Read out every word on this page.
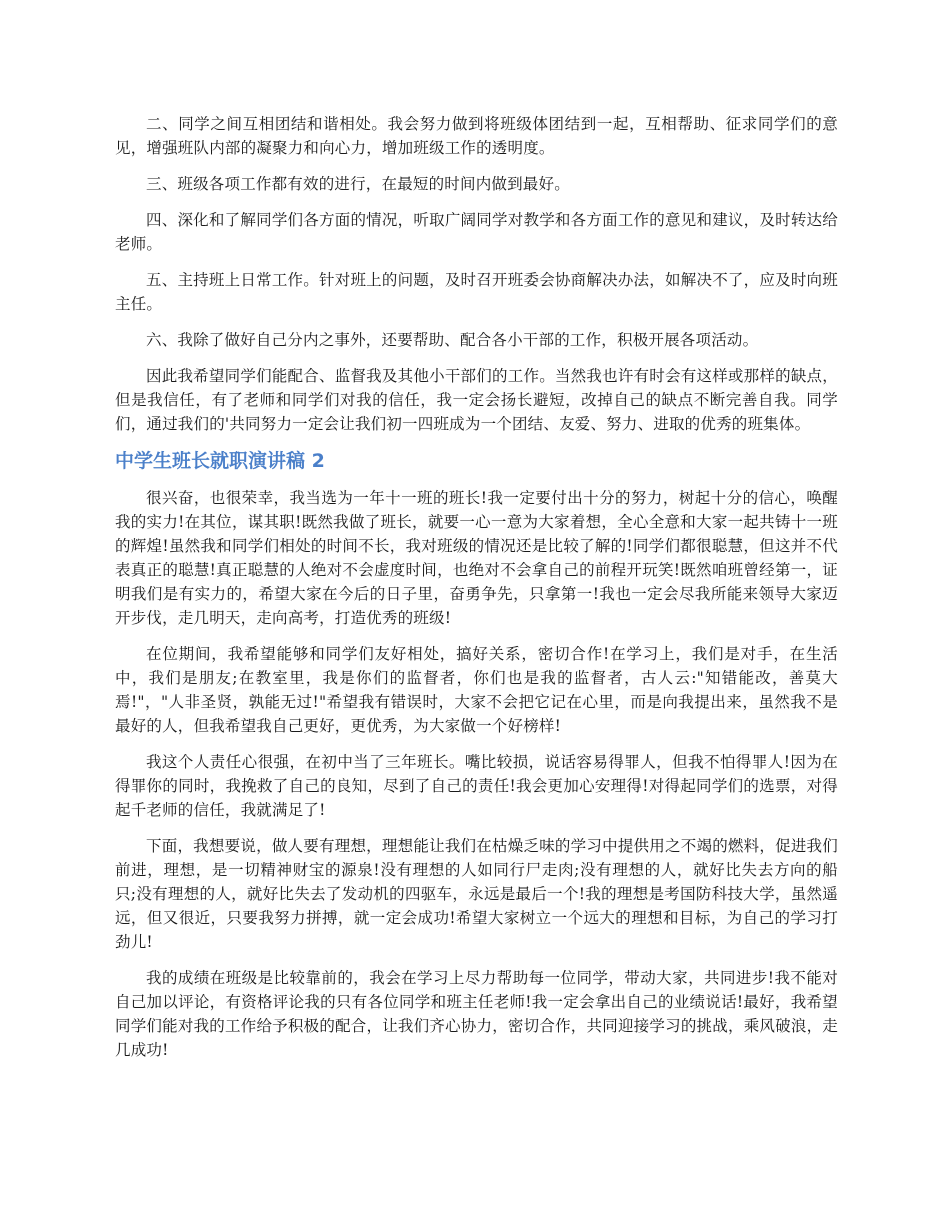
二、同学之间互相团结和谐相处。我会努力做到将班级体团结到一起，互相帮助、征求同学们的意见，增强班队内部的凝聚力和向心力，增加班级工作的透明度。

三、班级各项工作都有效的进行，在最短的时间内做到最好。

四、深化和了解同学们各方面的情况，听取广阔同学对教学和各方面工作的意见和建议，及时转达给老师。

五、主持班上日常工作。针对班上的问题，及时召开班委会协商解决办法，如解决不了，应及时向班主任。

六、我除了做好自己分内之事外，还要帮助、配合各小干部的工作，积极开展各项活动。

因此我希望同学们能配合、监督我及其他小干部们的工作。当然我也许有时会有这样或那样的缺点，但是我信任，有了老师和同学们对我的信任，我一定会扬长避短，改掉自己的缺点不断完善自我。同学们，通过我们的'共同努力一定会让我们初一四班成为一个团结、友爱、努力、进取的优秀的班集体。

中学生班长就职演讲稿 2

很兴奋，也很荣幸，我当选为一年十一班的班长!我一定要付出十分的努力，树起十分的信心，唤醒我的实力!在其位，谋其职!既然我做了班长，就要一心一意为大家着想，全心全意和大家一起共铸十一班的辉煌!虽然我和同学们相处的时间不长，我对班级的情况还是比较了解的!同学们都很聪慧，但这并不代表真正的聪慧!真正聪慧的人绝对不会虚度时间，也绝对不会拿自己的前程开玩笑!既然咱班曾经第一，证明我们是有实力的，希望大家在今后的日子里，奋勇争先，只拿第一!我也一定会尽我所能来领导大家迈开步伐，走几明天，走向高考，打造优秀的班级!

在位期间，我希望能够和同学们友好相处，搞好关系，密切合作!在学习上，我们是对手，在生活中，我们是朋友;在教室里，我是你们的监督者，你们也是我的监督者，古人云:"知错能改，善莫大焉!"，"人非圣贤，孰能无过!"希望我有错误时，大家不会把它记在心里，而是向我提出来，虽然我不是最好的人，但我希望我自己更好，更优秀，为大家做一个好榜样!

我这个人责任心很强，在初中当了三年班长。嘴比较损，说话容易得罪人，但我不怕得罪人!因为在得罪你的同时，我挽救了自己的良知，尽到了自己的责任!我会更加心安理得!对得起同学们的选票，对得起千老师的信任，我就满足了!

下面，我想要说，做人要有理想，理想能让我们在枯燥乏味的学习中提供用之不竭的燃料，促进我们前进，理想，是一切精神财宝的源泉!没有理想的人如同行尸走肉;没有理想的人，就好比失去方向的船只;没有理想的人，就好比失去了发动机的四驱车，永远是最后一个!我的理想是考国防科技大学，虽然遥远，但又很近，只要我努力拼搏，就一定会成功!希望大家树立一个远大的理想和目标，为自己的学习打劲儿!

我的成绩在班级是比较靠前的，我会在学习上尽力帮助每一位同学，带动大家，共同进步!我不能对自己加以评论，有资格评论我的只有各位同学和班主任老师!我一定会拿出自己的业绩说话!最好，我希望同学们能对我的工作给予积极的配合，让我们齐心协力，密切合作，共同迎接学习的挑战，乘风破浪，走几成功!
